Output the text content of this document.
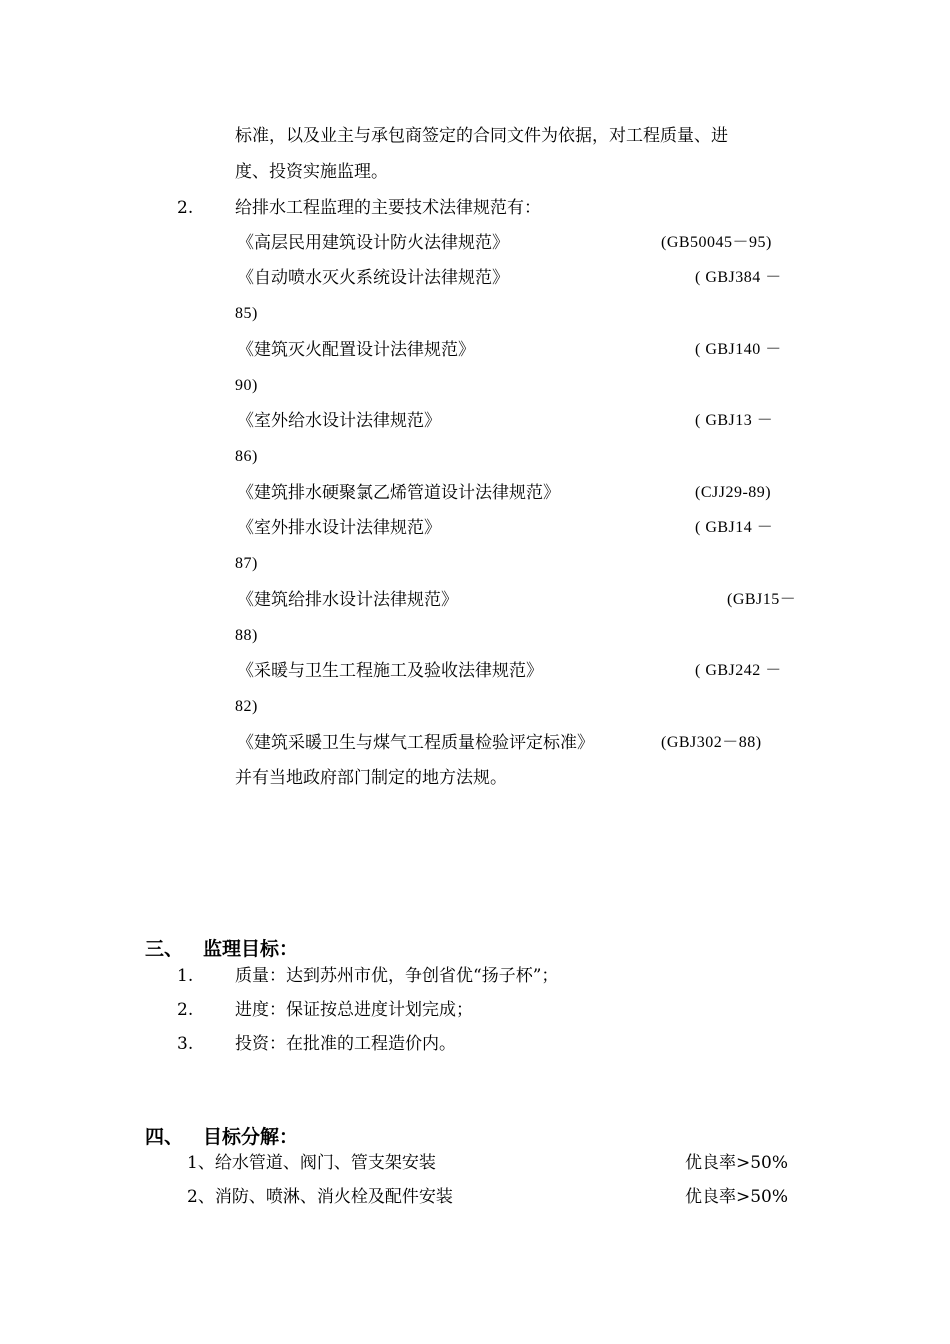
标准，以及业主与承包商签定的合同文件为依据，对工程质量、进
度、投资实施监理。
2. 给排水工程监理的主要技术法律规范有：
《高层民用建筑设计防火法律规范》	(GB50045－95)
《自动喷水灭火系统设计法律规范》	( GBJ384 －
85)
《建筑灭火配置设计法律规范》	( GBJ140 －
90)
《室外给水设计法律规范》	( GBJ13 －
86)
《建筑排水硬聚氯乙烯管道设计法律规范》	(CJJ29-89)
《室外排水设计法律规范》	( GBJ14 －
87)
《建筑给排水设计法律规范》	(GBJ15－
88)
《采暖与卫生工程施工及验收法律规范》	( GBJ242 －
82)
《建筑采暖卫生与煤气工程质量检验评定标准》	(GBJ302－88)
并有当地政府部门制定的地方法规。
三、 监理目标：
1. 质量：达到苏州市优，争创省优“扬子杯”；
2. 进度：保证按总进度计划完成；
3. 投资：在批准的工程造价内。
四、 目标分解：
1、给水管道、阀门、管支架安装	优良率>50%
2、消防、喷淋、消火栓及配件安装	优良率>50%
